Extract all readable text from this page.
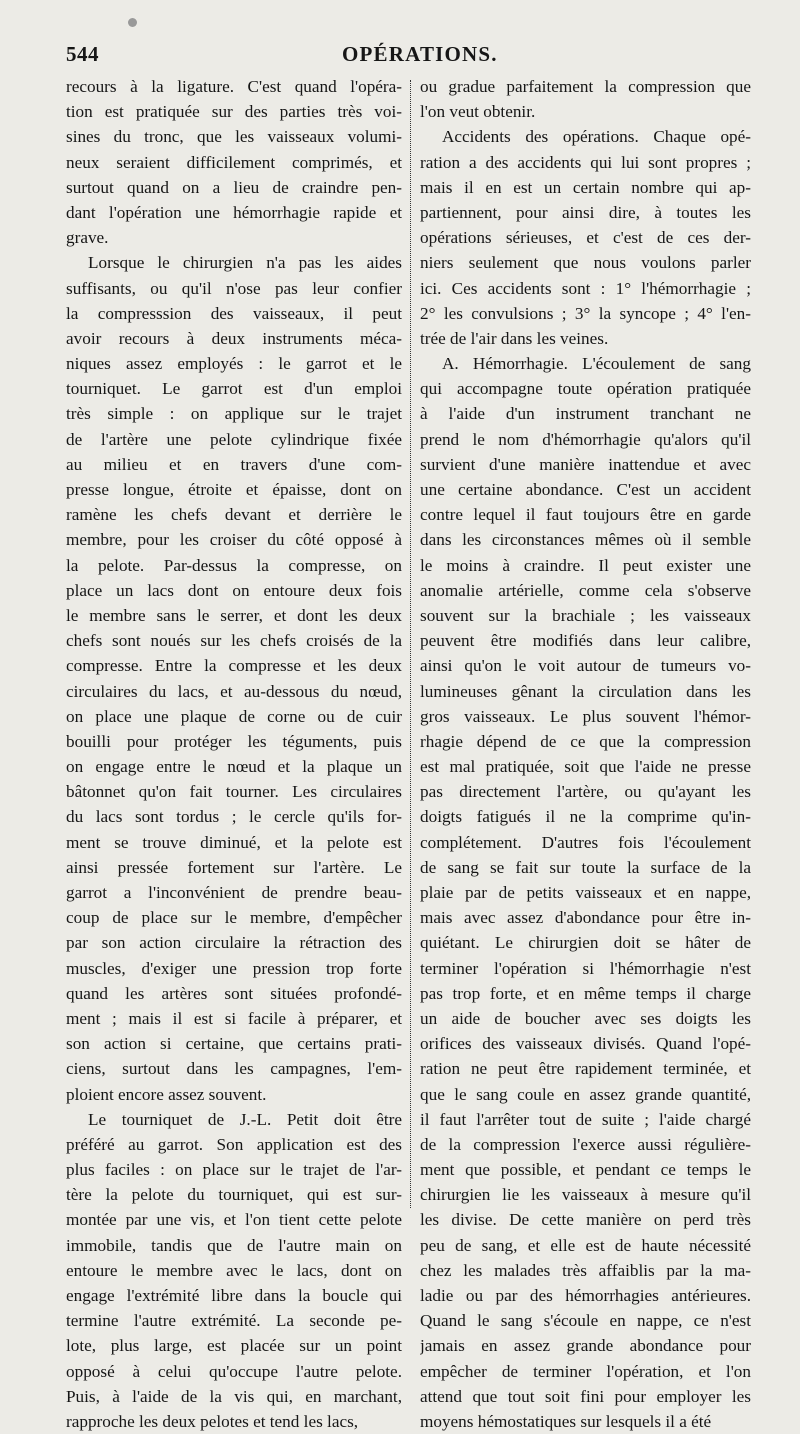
544	OPÉRATIONS.
recours à la ligature. C'est quand l'opéra-
tion est pratiquée sur des parties très voi-
sines du tronc, que les vaisseaux volumi-
neux seraient difficilement comprimés, et
surtout quand on a lieu de craindre pen-
dant l'opération une hémorrhagie rapide et
grave.
Lorsque le chirurgien n'a pas les aides
suffisants, ou qu'il n'ose pas leur confier
la compresssion des vaisseaux, il peut
avoir recours à deux instruments méca-
niques assez employés : le garrot et le
tourniquet. Le garrot est d'un emploi
très simple : on applique sur le trajet
de l'artère une pelote cylindrique fixée
au milieu et en travers d'une com-
presse longue, étroite et épaisse, dont on
ramène les chefs devant et derrière le
membre, pour les croiser du côté opposé à
la pelote. Par-dessus la compresse, on
place un lacs dont on entoure deux fois
le membre sans le serrer, et dont les deux
chefs sont noués sur les chefs croisés de la
compresse. Entre la compresse et les deux
circulaires du lacs, et au-dessous du nœud,
on place une plaque de corne ou de cuir
bouilli pour protéger les téguments, puis
on engage entre le nœud et la plaque un
bâtonnet qu'on fait tourner. Les circulaires
du lacs sont tordus ; le cercle qu'ils for-
ment se trouve diminué, et la pelote est
ainsi pressée fortement sur l'artère. Le
garrot a l'inconvénient de prendre beau-
coup de place sur le membre, d'empêcher
par son action circulaire la rétraction des
muscles, d'exiger une pression trop forte
quand les artères sont situées profondé-
ment ; mais il est si facile à préparer, et
son action si certaine, que certains prati-
ciens, surtout dans les campagnes, l'em-
ploient encore assez souvent.
Le tourniquet de J.-L. Petit doit être
préféré au garrot. Son application est des
plus faciles : on place sur le trajet de l'ar-
tère la pelote du tourniquet, qui est sur-
montée par une vis, et l'on tient cette pelote
immobile, tandis que de l'autre main on
entoure le membre avec le lacs, dont on
engage l'extrémité libre dans la boucle qui
termine l'autre extrémité. La seconde pe-
lote, plus large, est placée sur un point
opposé à celui qu'occupe l'autre pelote.
Puis, à l'aide de la vis qui, en marchant,
rapproche les deux pelotes et tend les lacs,
ou gradue parfaitement la compression que
l'on veut obtenir.
Accidents des opérations. Chaque opé-
ration a des accidents qui lui sont propres ;
mais il en est un certain nombre qui ap-
partiennent, pour ainsi dire, à toutes les
opérations sérieuses, et c'est de ces der-
niers seulement que nous voulons parler
ici. Ces accidents sont : 1° l'hémorrhagie ;
2° les convulsions ; 3° la syncope ; 4° l'en-
trée de l'air dans les veines.
A. Hémorrhagie. L'écoulement de sang
qui accompagne toute opération pratiquée
à l'aide d'un instrument tranchant ne
prend le nom d'hémorrhagie qu'alors qu'il
survient d'une manière inattendue et avec
une certaine abondance. C'est un accident
contre lequel il faut toujours être en garde
dans les circonstances mêmes où il semble
le moins à craindre. Il peut exister une
anomalie artérielle, comme cela s'observe
souvent sur la brachiale ; les vaisseaux
peuvent être modifiés dans leur calibre,
ainsi qu'on le voit autour de tumeurs vo-
lumineuses gênant la circulation dans les
gros vaisseaux. Le plus souvent l'hémor-
rhagie dépend de ce que la compression
est mal pratiquée, soit que l'aide ne presse
pas directement l'artère, ou qu'ayant les
doigts fatigués il ne la comprime qu'in-
complétement. D'autres fois l'écoulement
de sang se fait sur toute la surface de la
plaie par de petits vaisseaux et en nappe,
mais avec assez d'abondance pour être in-
quiétant. Le chirurgien doit se hâter de
terminer l'opération si l'hémorrhagie n'est
pas trop forte, et en même temps il charge
un aide de boucher avec ses doigts les
orifices des vaisseaux divisés. Quand l'opé-
ration ne peut être rapidement terminée, et
que le sang coule en assez grande quantité,
il faut l'arrêter tout de suite ; l'aide chargé
de la compression l'exerce aussi régulière-
ment que possible, et pendant ce temps le
chirurgien lie les vaisseaux à mesure qu'il
les divise. De cette manière on perd très
peu de sang, et elle est de haute nécessité
chez les malades très affaiblis par la ma-
ladie ou par des hémorrhagies antérieures.
Quand le sang s'écoule en nappe, ce n'est
jamais en assez grande abondance pour
empêcher de terminer l'opération, et l'on
attend que tout soit fini pour employer les
moyens hémostatiques sur lesquels il a été
